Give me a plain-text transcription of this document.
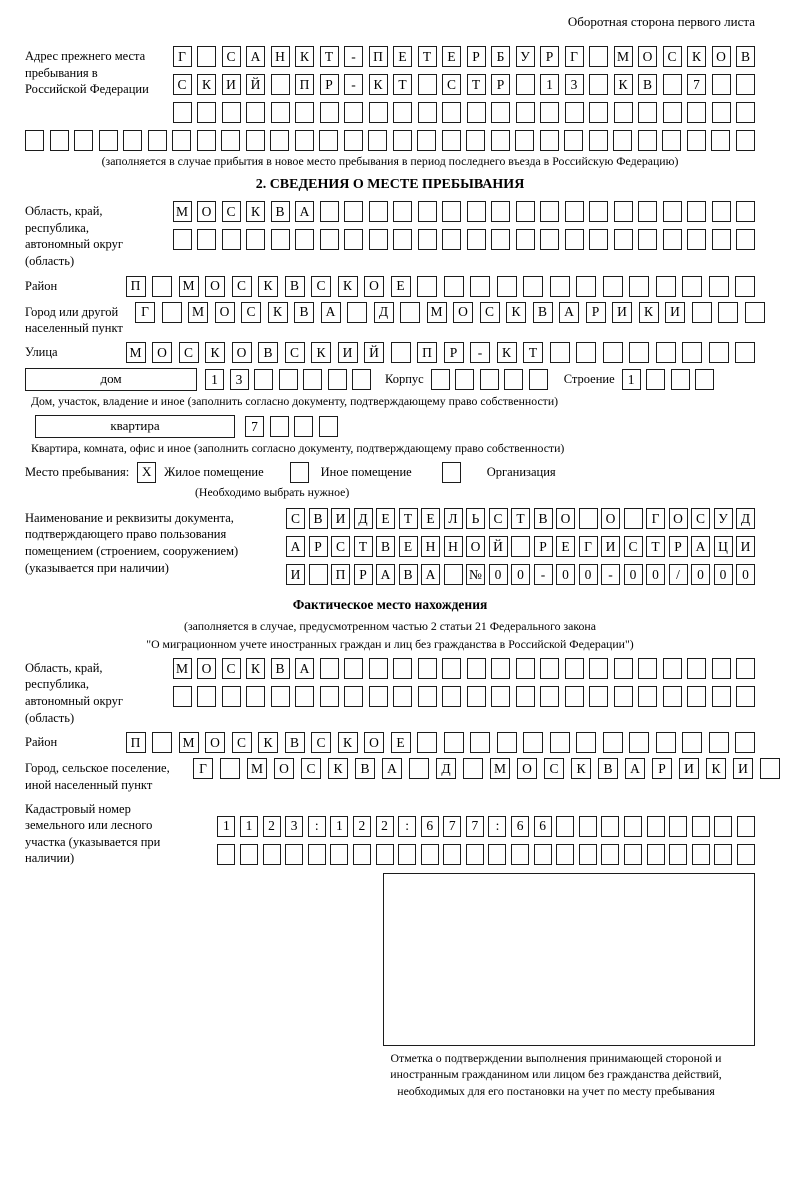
Оборотная сторона первого листа
Адрес прежнего места пребывания в Российской Федерации
Г	С	А	Н	К	Т	-	П	Е	Т	Е	Р	Б	У	Р	Г	М	О	С	К	О	В
С	К	И	Й	П	Р	-	К	Т	С	Т	Р	1	3	К	В	7
(заполняется в случае прибытия в новое место пребывания в период последнего въезда в Российскую Федерацию)
2. СВЕДЕНИЯ О МЕСТЕ ПРЕБЫВАНИЯ
Область, край, республика, автономный округ (область)
М	О	С	К	В	А
Район	П	М	О	С	К	В	С	К	О	Е
Город или другой населенный пункт
Г	М	О	С	К	В	А	Д	М	О	С	К	В	А	Р	И	К	И
Улица	М	О	С	К	О	В	С	К	И	Й	П	Р	-	К	Т
дом	1	3	Корпус	Строение 1
Дом, участок, владение и иное (заполнить согласно документу, подтверждающему право собственности)
квартира	7
Квартира, комната, офис и иное (заполнить согласно документу, подтверждающему право собственности)
Место пребывания: X	Жилое помещение	Иное помещение	Организация
(Необходимо выбрать нужное)
Наименование и реквизиты документа, подтверждающего право пользования помещением (строением, сооружением) (указывается при наличии)
С В И Д	Е	Т	Е	Л	Ь	С	Т	В О	О	Г	О С У Д
А	Р	С	Т	В	Е	Н Н О Й	Р	Е	Г	И С	Т	Р	А Ц И
И	П	Р	А В А	№ 0	0	-	0	0	-	0	0	/	0	0	0
Фактическое место нахождения
(заполняется в случае, предусмотренном частью 2 статьи 21 Федерального закона
"О миграционном учете иностранных граждан и лиц без гражданства в Российской Федерации")
Область, край, республика, автономный округ (область)
М	О	С	К	В	А
Район	П	М	О	С	К	В	С	К	О	Е
Город, сельское поселение, иной населенный пункт
Г	М	О	С	К	В	А	Д	М	О	С	К	В	А	Р	И	К	И
Кадастровый номер земельного или лесного участка (указывается при наличии)
1	1	2	3	:	1	2	2	:	6	7	7	:	6	6
Отметка о подтверждении выполнения принимающей стороной и иностранным гражданином или лицом без гражданства действий, необходимых для его постановки на учет по месту пребывания
